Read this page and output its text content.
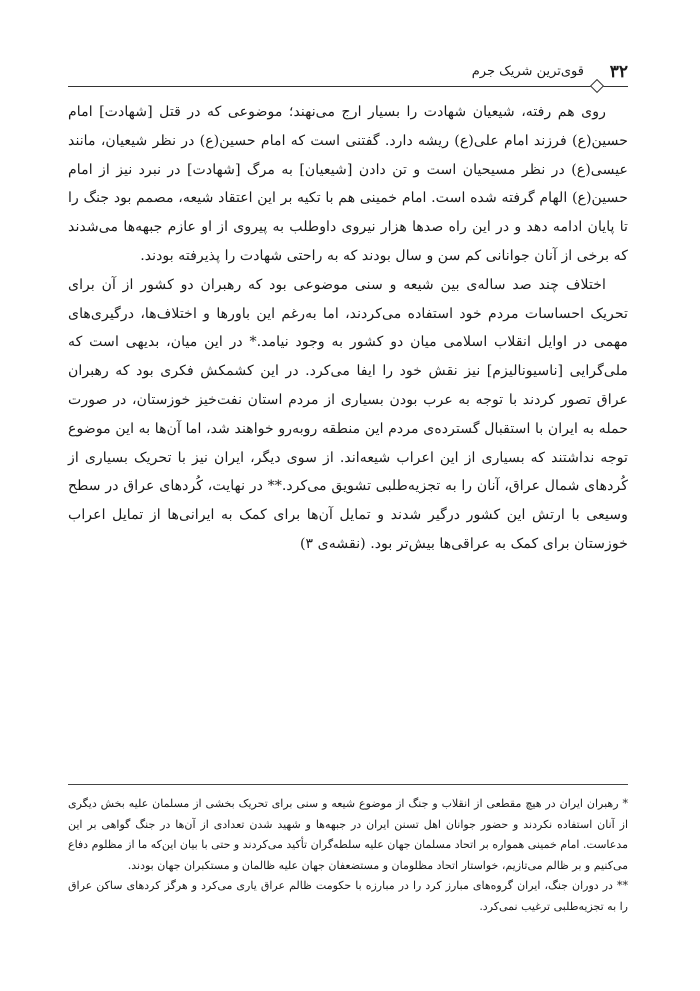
۳۲
قوی‌ترین شریک جرم

روی هم رفته، شیعیان شهادت را بسیار ارج می‌نهند؛ موضوعی که در قتل [شهادت] امام حسین(ع) فرزند امام علی(ع) ریشه دارد. گفتنی است که امام حسین(ع) در نظر شیعیان، مانند عیسی(ع) در نظر مسیحیان است و تن دادن [شیعیان] به مرگ [شهادت] در نبرد نیز از امام حسین(ع) الهام گرفته شده است. امام خمینی هم با تکیه بر این اعتقاد شیعه، مصمم بود جنگ را تا پایان ادامه دهد و در این راه صدها هزار نیروی داوطلب به پیروی از او عازم جبهه‌ها می‌شدند که برخی از آنان جوانانی کم سن و سال بودند که به راحتی شهادت را پذیرفته بودند.

اختلاف چند صد ساله‌ی بین شیعه و سنی موضوعی بود که رهبران دو کشور از آن برای تحریک احساسات مردم خود استفاده می‌کردند، اما به‌رغم این باورها و اختلاف‌ها، درگیری‌های مهمی در اوایل انقلاب اسلامی میان دو کشور به وجود نیامد.* در این میان، بدیهی است که ملی‌گرایی [ناسیونالیزم] نیز نقش خود را ایفا می‌کرد. در این کشمکش فکری بود که رهبران عراق تصور کردند با توجه به عرب بودن بسیاری از مردم استان نفت‌خیز خوزستان، در صورت حمله به ایران با استقبال گسترده‌ی مردم این منطقه روبه‌رو خواهند شد، اما آن‌ها به این موضوع توجه نداشتند که بسیاری از این اعراب شیعه‌اند. از سوی دیگر، ایران نیز با تحریک بسیاری از کُردهای شمال عراق، آنان را به تجزیه‌طلبی تشویق می‌کرد.** در نهایت، کُردهای عراق در سطح وسیعی با ارتش این کشور درگیر شدند و تمایل آن‌ها برای کمک به ایرانی‌ها از تمایل اعراب خوزستان برای کمک به عراقی‌ها بیش‌تر بود. (نقشه‌ی ۳)

* رهبران ایران در هیچ مقطعی از انقلاب و جنگ از موضوع شیعه و سنی برای تحریک بخشی از مسلمان علیه بخش دیگری از آنان استفاده نکردند و حضور جوانان اهل تسنن ایران در جبهه‌ها و شهید شدن تعدادی از آن‌ها در جنگ گواهی بر این مدعاست. امام خمینی همواره بر اتحاد مسلمان جهان علیه سلطه‌گران تأکید می‌کردند و حتی با بیان این‌که ما از مظلوم دفاع می‌کنیم و بر ظالم می‌تازیم، خواستار اتحاد مظلومان و مستضعفان جهان علیه ظالمان و مستکبران جهان بودند.

** در دوران جنگ، ایران گروه‌های مبارز کرد را در مبارزه با حکومت ظالم عراق یاری می‌کرد و هرگز کردهای ساکن عراق را به تجزیه‌طلبی ترغیب نمی‌کرد.
